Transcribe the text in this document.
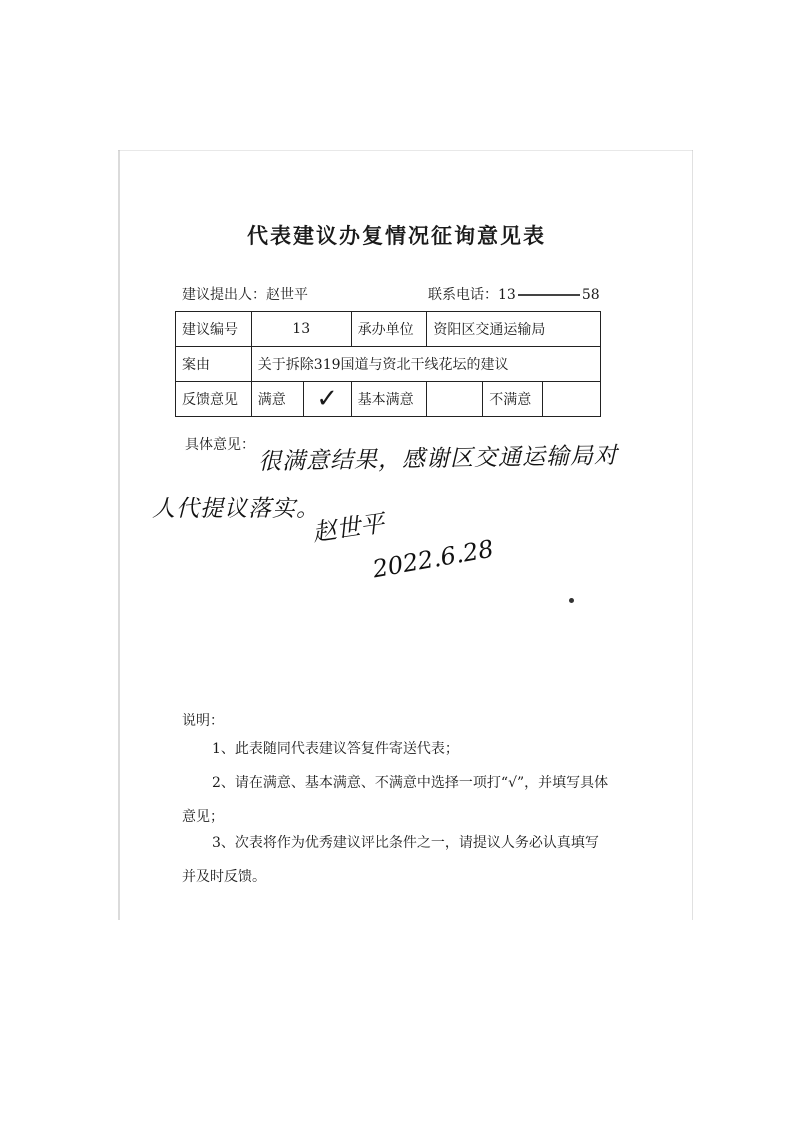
代表建议办复情况征询意见表
建议提出人：赵世平	联系电话：13	58
建议编号	13		承办单位	资阳区交通运输局		
案由	关于拆除319国道与资北干线花坛的建议					
反馈意见	满意	✓	基本满意		不满意	
具体意见： 很满意结果，感谢区交通运输局对
人代提议落实。
赵世平
2022.6.28
说明：
1、此表随同代表建议答复件寄送代表；
2、请在满意、基本满意、不满意中选择一项打“√”，并填写具体意见；
3、次表将作为优秀建议评比条件之一，请提议人务必认真填写并及时反馈。
